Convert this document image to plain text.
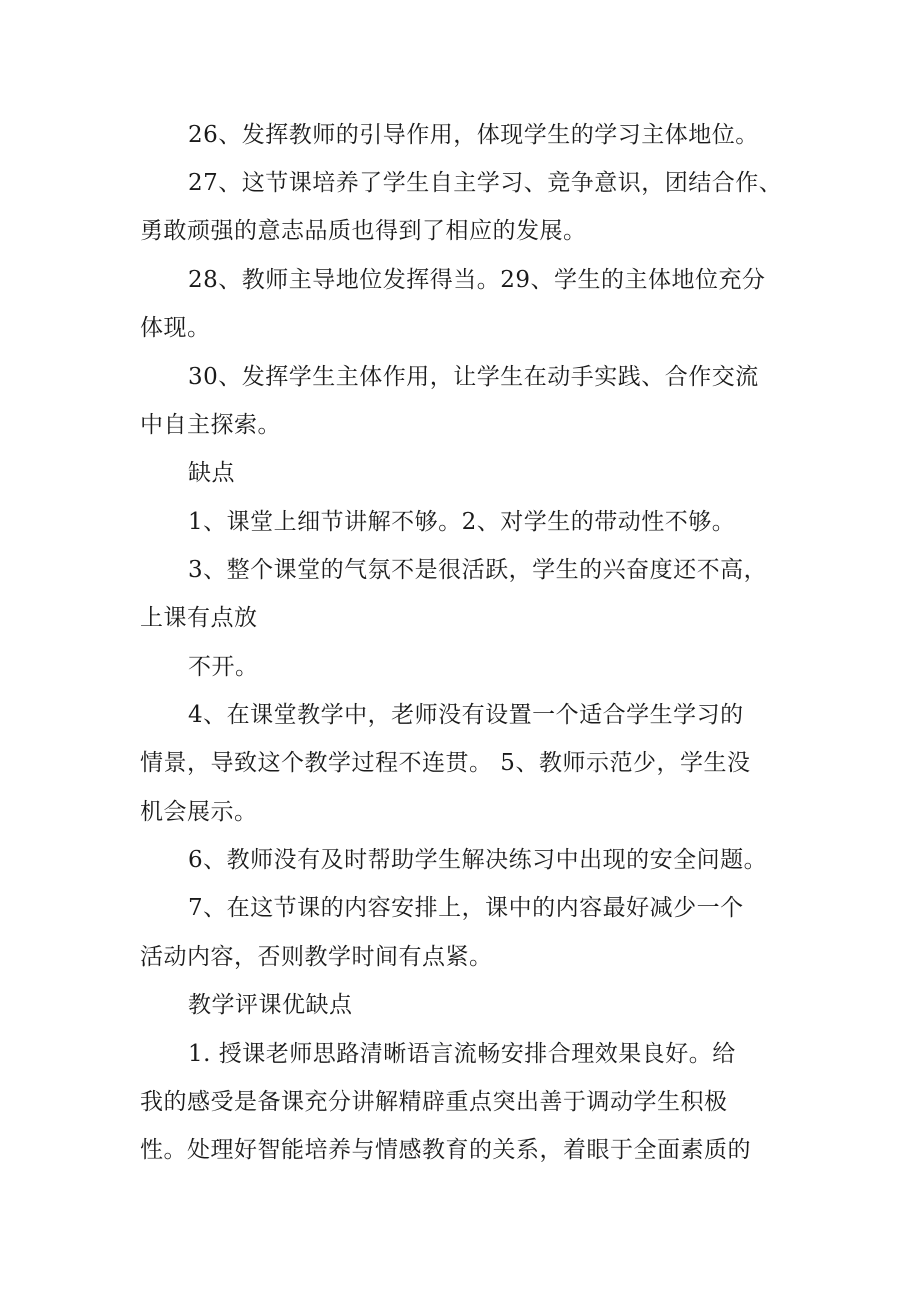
26、发挥教师的引导作用，体现学生的学习主体地位。
27、这节课培养了学生自主学习、竞争意识，团结合作、
勇敢顽强的意志品质也得到了相应的发展。
28、教师主导地位发挥得当。29、学生的主体地位充分
体现。
30、发挥学生主体作用，让学生在动手实践、合作交流
中自主探索。
缺点
1、课堂上细节讲解不够。2、对学生的带动性不够。
3、整个课堂的气氛不是很活跃，学生的兴奋度还不高，
上课有点放
不开。
4、在课堂教学中，老师没有设置一个适合学生学习的
情景，导致这个教学过程不连贯。 5、教师示范少，学生没
机会展示。
6、教师没有及时帮助学生解决练习中出现的安全问题。
7、在这节课的内容安排上，课中的内容最好减少一个
活动内容，否则教学时间有点紧。
教学评课优缺点
1. 授课老师思路清晰语言流畅安排合理效果良好。给
我的感受是备课充分讲解精辟重点突出善于调动学生积极
性。处理好智能培养与情感教育的关系，着眼于全面素质的
